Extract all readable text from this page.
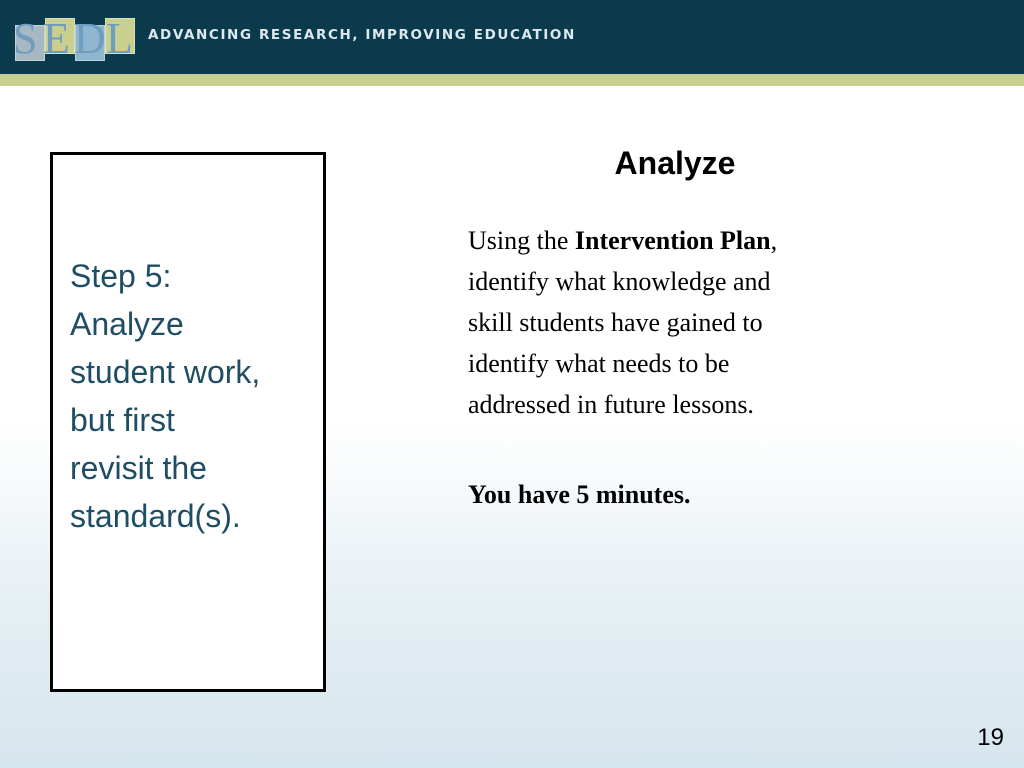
S E D L ADVANCING RESEARCH, IMPROVING EDUCATION
Step 5:
Analyze
student work,
but first
revisit the
standard(s).
Analyze
Using the Intervention Plan,
identify what knowledge and
skill students have gained to
identify what needs to be
addressed in future lessons.
You have 5 minutes.
19
